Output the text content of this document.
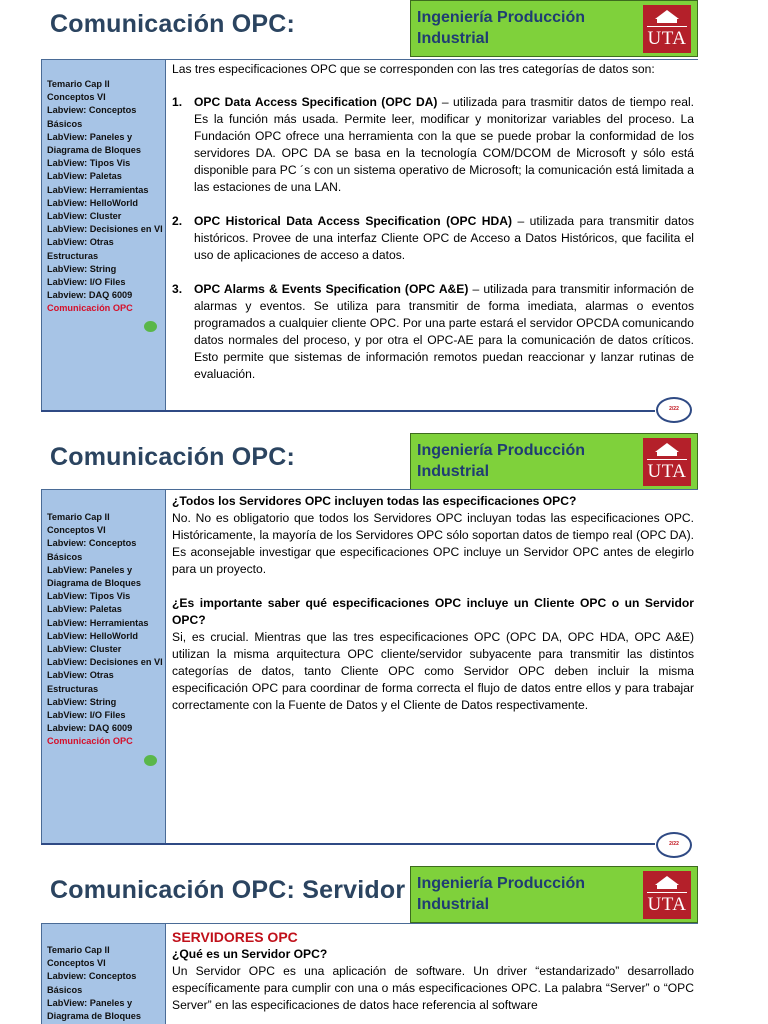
Comunicación OPC:	Ingeniería Producción
Industrial	UTA
Temario Cap II
Conceptos VI
Labview: Conceptos Básicos
LabView: Paneles y Diagrama de Bloques
LabView: Tipos Vis
LabView: Paletas
LabView: Herramientas
LabView: HelloWorld
LabView: Cluster
LabView: Decisiones en VI
LabView: Otras Estructuras
LabView: String
LabView: I/O Files
Labview: DAQ 6009
Comunicación OPC
2/22

Las tres especificaciones OPC que se corresponden con las tres categorías de datos son:

1. OPC Data Access Specification (OPC DA) – utilizada para trasmitir datos de tiempo real. Es la función más usada. Permite leer, modificar y monitorizar variables del proceso. La Fundación OPC ofrece una herramienta con la que se puede probar la conformidad de los servidores DA. OPC DA se basa en la tecnología COM/DCOM de Microsoft y sólo está disponible para PC ´s con un sistema operativo de Microsoft; la comunicación está limitada a las estaciones de una LAN.
2. OPC Historical Data Access Specification (OPC HDA) – utilizada para transmitir datos históricos. Provee de una interfaz Cliente OPC de Acceso a Datos Históricos, que facilita el uso de aplicaciones de acceso a datos.
3. OPC Alarms & Events Specification (OPC A&E) – utilizada para transmitir información de alarmas y eventos. Se utiliza para transmitir de forma imediata, alarmas o eventos programados a cualquier cliente OPC. Por una parte estará el servidor OPCDA comunicando datos normales del proceso, y por otra el OPC-AE para la comunicación de datos críticos. Esto permite que sistemas de información remotos puedan reaccionar y lanzar rutinas de evaluación.
Comunicación OPC:	Ingeniería Producción
Industrial	UTA
Temario Cap II
Conceptos VI
Labview: Conceptos Básicos
LabView: Paneles y Diagrama de Bloques
LabView: Tipos Vis
LabView: Paletas
LabView: Herramientas
LabView: HelloWorld
LabView: Cluster
LabView: Decisiones en VI
LabView: Otras Estructuras
LabView: String
LabView: I/O Files
Labview: DAQ 6009
Comunicación OPC
2/22

¿Todos los Servidores OPC incluyen todas las especificaciones OPC?

No. No es obligatorio que todos los Servidores OPC incluyan todas las especificaciones OPC. Históricamente, la mayoría de los Servidores OPC sólo soportan datos de tiempo real (OPC DA). Es aconsejable investigar que especificaciones OPC incluye un Servidor OPC antes de elegirlo para un proyecto.

¿Es importante saber qué especificaciones OPC incluye un Cliente OPC o un Servidor OPC?

Si, es crucial. Mientras que las tres especificaciones OPC (OPC DA, OPC HDA, OPC A&E) utilizan la misma arquitectura OPC cliente/servidor subyacente para transmitir las distintos categorías de datos, tanto Cliente OPC como Servidor OPC deben incluir la misma especificación OPC para coordinar de forma correcta el flujo de datos entre ellos y para trabajar correctamente con la Fuente de Datos y el Cliente de Datos respectivamente.

Comunicación OPC: Servidor Ingeniería Producción
Industrial	UTA
Temario Cap II
Conceptos VI
Labview: Conceptos Básicos
LabView: Paneles y Diagrama de Bloques

SERVIDORES OPC

¿Qué es un Servidor OPC?

Un Servidor OPC es una aplicación de software. Un driver “estandarizado” desarrollado específicamente para cumplir con una o más especificaciones OPC. La palabra “Server” o “OPC Server” en las especificaciones de datos hace referencia al software
